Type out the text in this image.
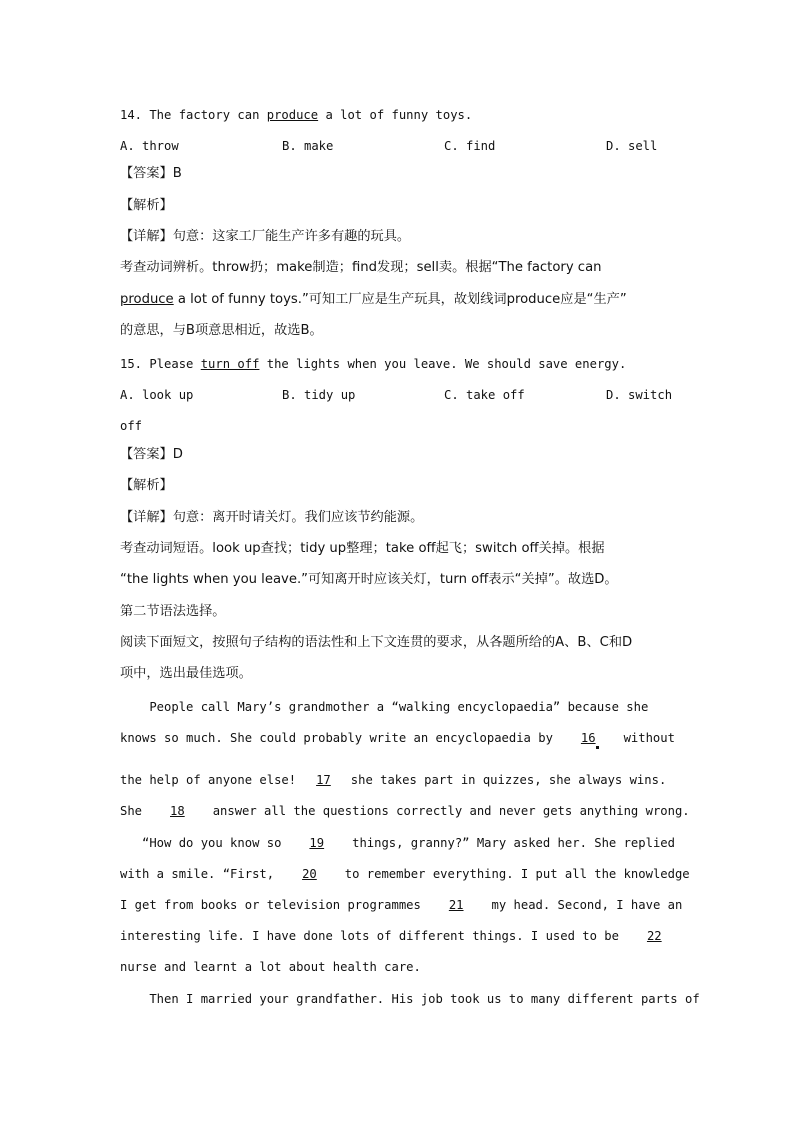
14. The factory can produce a lot of funny toys.
A. throw	B. make	C. find	D. sell
【答案】B
【解析】
【详解】句意：这家工厂能生产许多有趣的玩具。
考查动词辨析。throw扔；make制造；find发现；sell卖。根据“The factory can
produce a lot of funny toys.”可知工厂应是生产玩具，故划线词produce应是“生产”
的意思，与B项意思相近，故选B。
15. Please turn off the lights when you leave. We should save energy.
A. look up	B. tidy up	C. take off	D. switch
off
【答案】D
【解析】
【详解】句意：离开时请关灯。我们应该节约能源。
考查动词短语。look up查找；tidy up整理；take off起飞；switch off关掉。根据
“the lights when you leave.”可知离开时应该关灯，turn off表示“关掉”。故选D。
第二节语法选择。
阅读下面短文，按照句子结构的语法性和上下文连贯的要求，从各题所给的A、B、C和D
项中，选出最佳选项。
People call Mary’s grandmother a “walking encyclopaedia” because she
knows so much. She could probably write an encyclopaedia by 16 without
the help of anyone else! 17 she takes part in quizzes, she always wins.
She 18 answer all the questions correctly and never gets anything wrong.
“How do you know so 19 things, granny?” Mary asked her. She replied
with a smile. “First, 20 to remember everything. I put all the knowledge
I get from books or television programmes 21 my head. Second, I have an
interesting life. I have done lots of different things. I used to be 22
nurse and learnt a lot about health care.
Then I married your grandfather. His job took us to many different parts of
